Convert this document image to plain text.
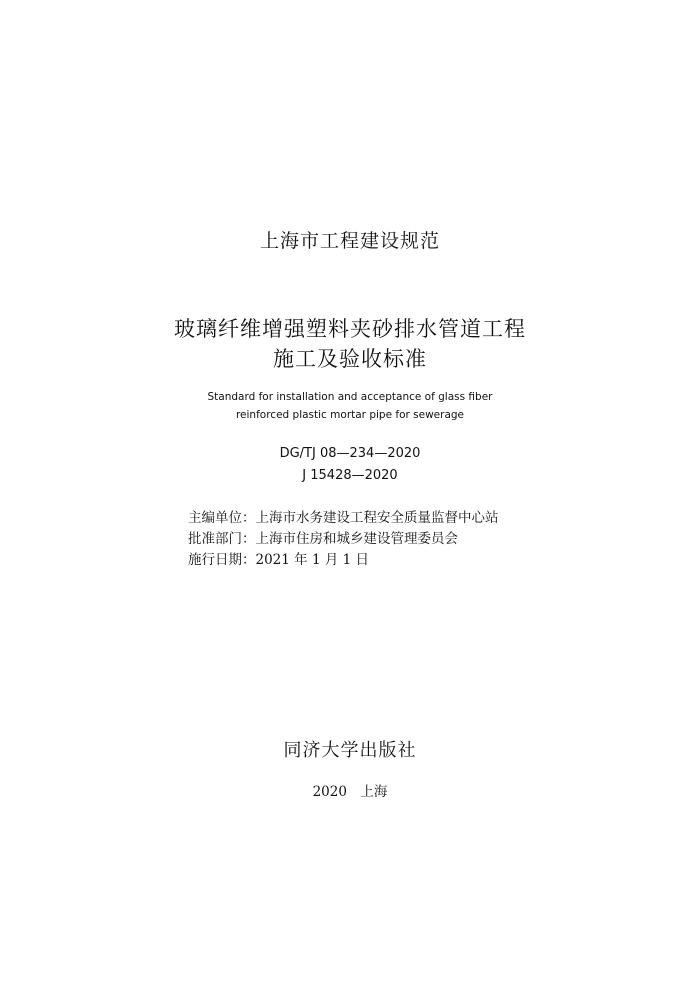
上海市工程建设规范
玻璃纤维增强塑料夹砂排水管道工程
施工及验收标准
Standard for installation and acceptance of glass fiber
reinforced plastic mortar pipe for sewerage
DG/TJ 08—234—2020
J 15428—2020
主编单位：上海市水务建设工程安全质量监督中心站
批准部门：上海市住房和城乡建设管理委员会
施行日期：2021 年 1 月 1 日
同济大学出版社
2020　上海
